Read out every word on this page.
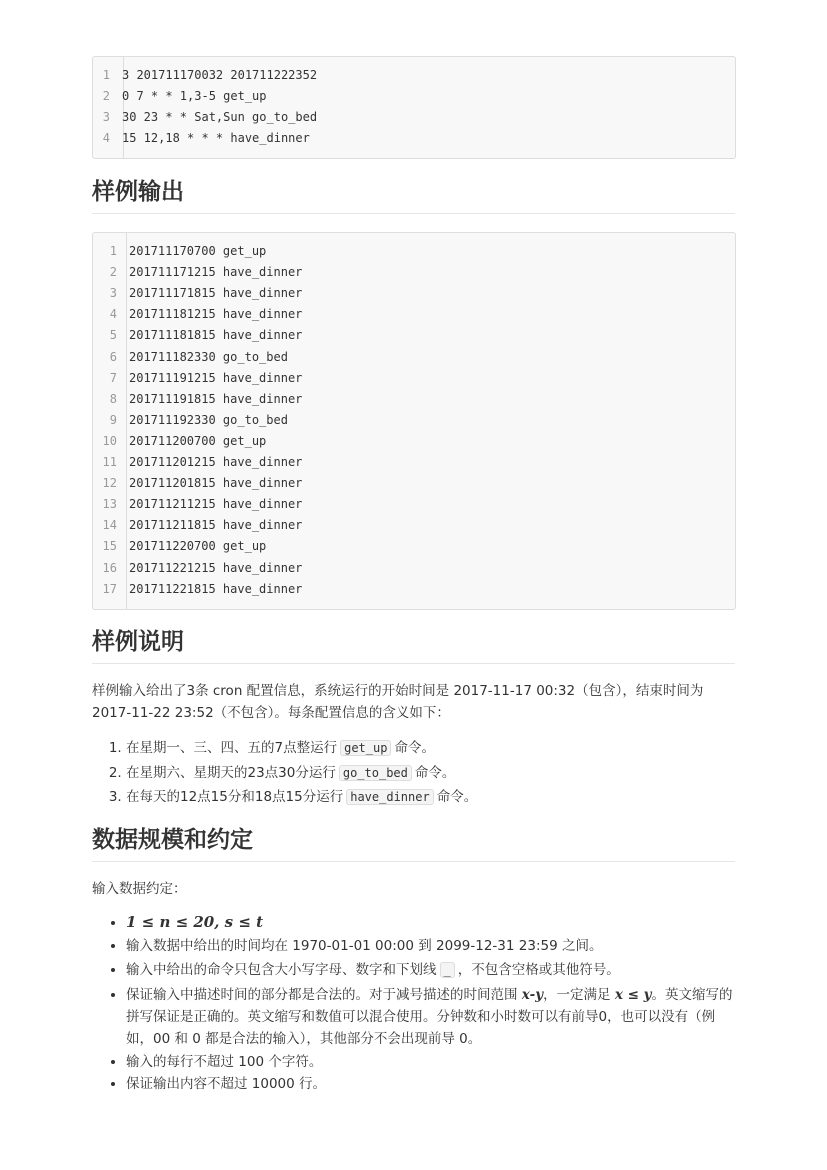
1 3 201711170032 201711222352
2 0 7 * * 1,3-5 get_up
3 30 23 * * Sat,Sun go_to_bed
4 15 12,18 * * * have_dinner
样例输出
1 201711170700 get_up
2 201711171215 have_dinner
3 201711171815 have_dinner
4 201711181215 have_dinner
5 201711181815 have_dinner
6 201711182330 go_to_bed
7 201711191215 have_dinner
8 201711191815 have_dinner
9 201711192330 go_to_bed
10 201711200700 get_up
11 201711201215 have_dinner
12 201711201815 have_dinner
13 201711211215 have_dinner
14 201711211815 have_dinner
15 201711220700 get_up
16 201711221215 have_dinner
17 201711221815 have_dinner
样例说明

样例输入给出了3条 cron 配置信息，系统运行的开始时间是 2017-11-17 00:32（包含），结束时间为 2017-11-22 23:52（不包含）。每条配置信息的含义如下：

1. 在星期一、三、四、五的7点整运行 get_up 命令。
2. 在星期六、星期天的23点30分运行 go_to_bed 命令。
3. 在每天的12点15分和18点15分运行 have_dinner 命令。
数据规模和约定

输入数据约定：

• 1 ≤ n ≤ 20, s ≤ t
• 输入数据中给出的时间均在 1970-01-01 00:00 到 2099-12-31 23:59 之间。
• 输入中给出的命令只包含大小写字母、数字和下划线 _ ，不包含空格或其他符号。
• 保证输入中描述时间的部分都是合法的。对于减号描述的时间范围 x-y，一定满足 x ≤ y。英文缩写的拼写保证是正确的。英文缩写和数值可以混合使用。分钟数和小时数可以有前导0，也可以没有（例如，00 和 0 都是合法的输入），其他部分不会出现前导 0。
• 输入的每行不超过 100 个字符。
• 保证输出内容不超过 10000 行。
